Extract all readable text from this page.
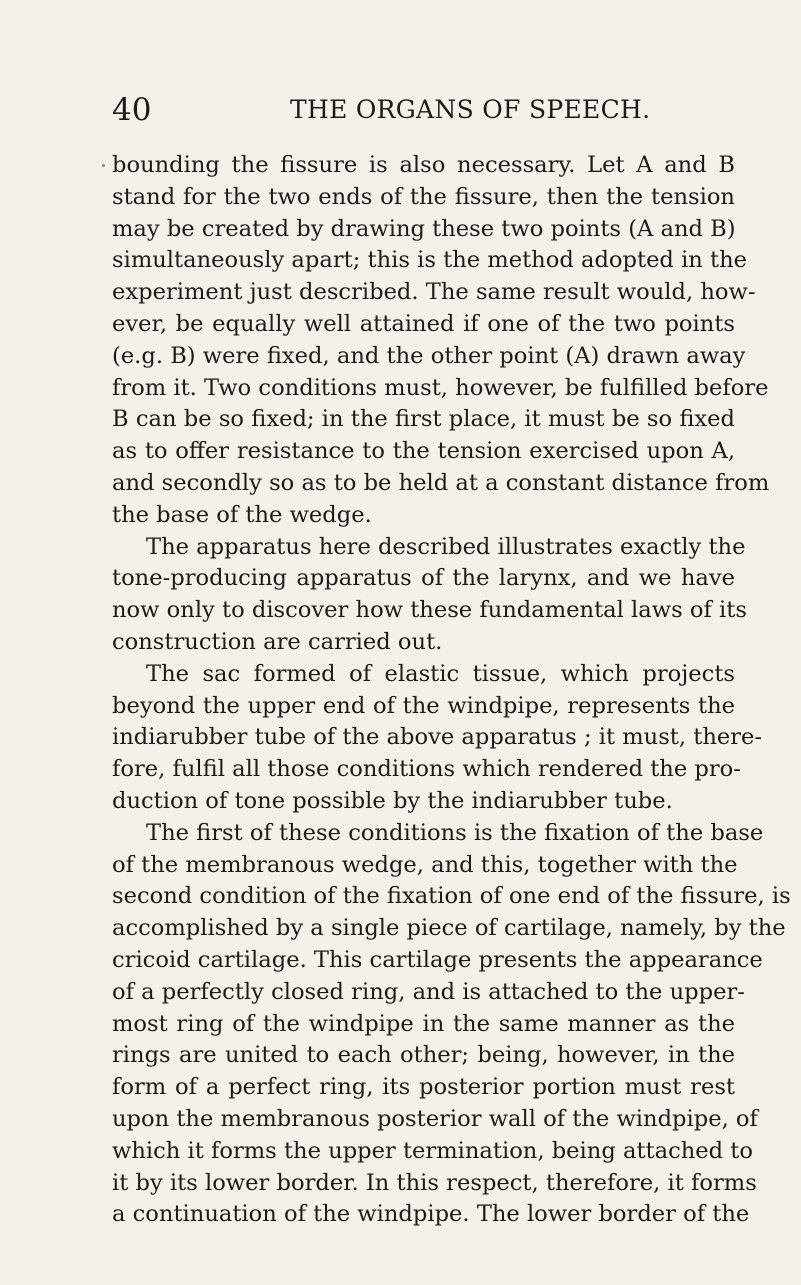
40	THE ORGANS OF SPEECH.
bounding the fissure is also necessary. Let A and B
stand for the two ends of the fissure, then the tension
may be created by drawing these two points (A and B)
simultaneously apart; this is the method adopted in the
experiment just described. The same result would, how-
ever, be equally well attained if one of the two points
(e.g. B) were fixed, and the other point (A) drawn away
from it. Two conditions must, however, be fulfilled before
B can be so fixed; in the first place, it must be so fixed
as to offer resistance to the tension exercised upon A,
and secondly so as to be held at a constant distance from
the base of the wedge.
The apparatus here described illustrates exactly the
tone-producing apparatus of the larynx, and we have
now only to discover how these fundamental laws of its
construction are carried out.
The sac formed of elastic tissue, which projects
beyond the upper end of the windpipe, represents the
indiarubber tube of the above apparatus ; it must, there-
fore, fulfil all those conditions which rendered the pro-
duction of tone possible by the indiarubber tube.
The first of these conditions is the fixation of the base
of the membranous wedge, and this, together with the
second condition of the fixation of one end of the fissure, is
accomplished by a single piece of cartilage, namely, by the
cricoid cartilage. This cartilage presents the appearance
of a perfectly closed ring, and is attached to the upper-
most ring of the windpipe in the same manner as the
rings are united to each other; being, however, in the
form of a perfect ring, its posterior portion must rest
upon the membranous posterior wall of the windpipe, of
which it forms the upper termination, being attached to
it by its lower border. In this respect, therefore, it forms
a continuation of the windpipe. The lower border of the
